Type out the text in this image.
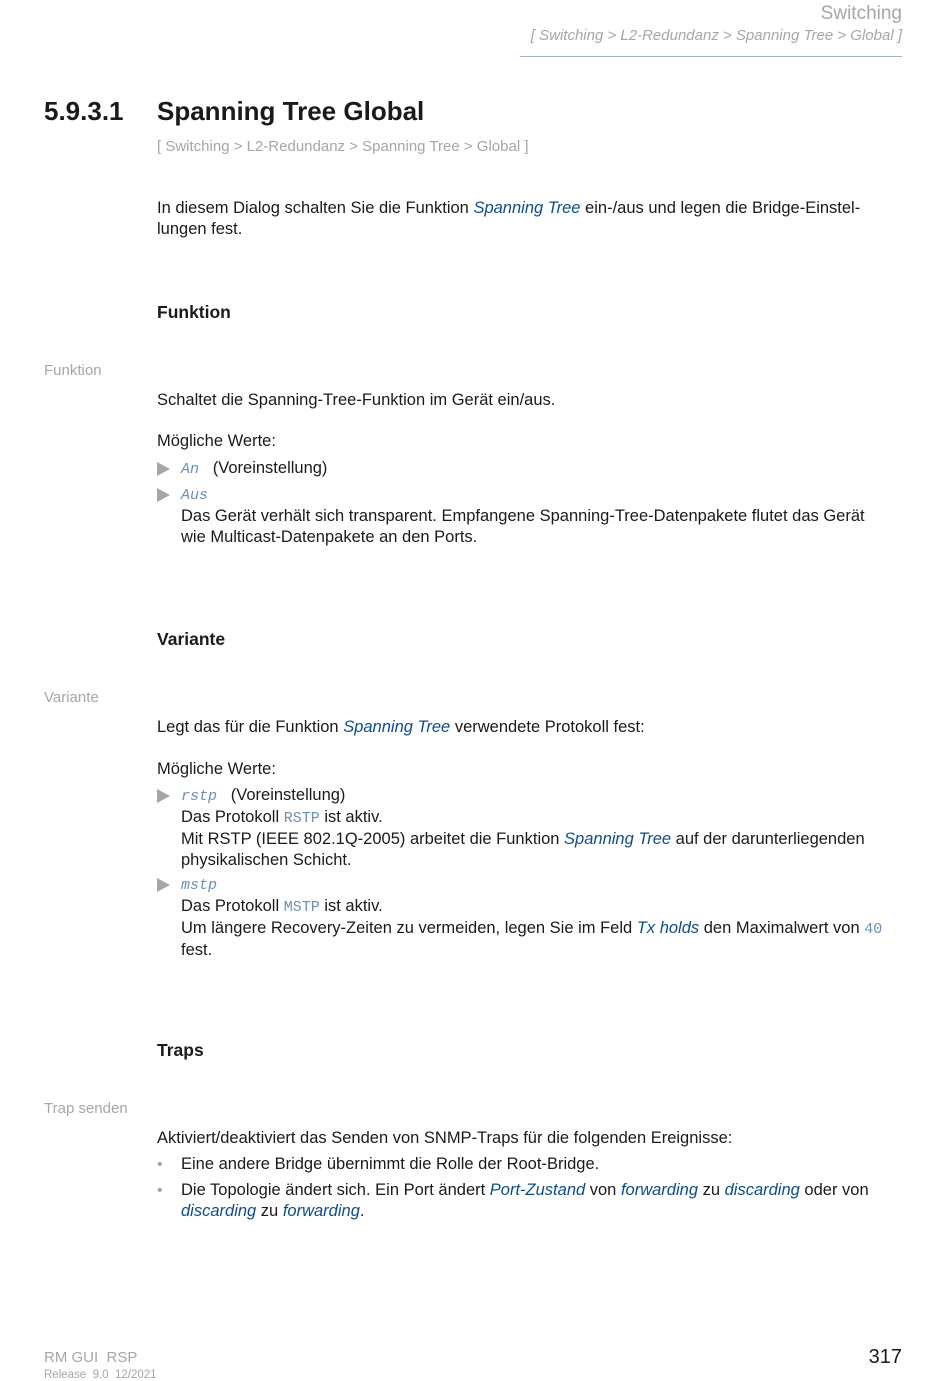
Switching
[ Switching > L2-Redundanz > Spanning Tree > Global ]
5.9.3.1 Spanning Tree Global
[ Switching > L2-Redundanz > Spanning Tree > Global ]
In diesem Dialog schalten Sie die Funktion Spanning Tree ein-/aus und legen die Bridge-Einstel-
lungen fest.
Funktion
Funktion
Schaltet die Spanning-Tree-Funktion im Gerät ein/aus.
Mögliche Werte:
An (Voreinstellung)
Aus
Das Gerät verhält sich transparent. Empfangene Spanning-Tree-Datenpakete flutet das Gerät
wie Multicast-Datenpakete an den Ports.
Variante
Variante
Legt das für die Funktion Spanning Tree verwendete Protokoll fest:
Mögliche Werte:
rstp (Voreinstellung)
Das Protokoll RSTP ist aktiv.
Mit RSTP (IEEE 802.1Q-2005) arbeitet die Funktion Spanning Tree auf der darunterliegenden
physikalischen Schicht.
mstp
Das Protokoll MSTP ist aktiv.
Um längere Recovery-Zeiten zu vermeiden, legen Sie im Feld Tx holds den Maximalwert von 40
fest.
Traps
Trap senden
Aktiviert/deaktiviert das Senden von SNMP-Traps für die folgenden Ereignisse:
• Eine andere Bridge übernimmt die Rolle der Root-Bridge.
• Die Topologie ändert sich. Ein Port ändert Port-Zustand von forwarding zu discarding oder von
discarding zu forwarding.
RM GUI  RSP
Release  9.0  12/2021
317
